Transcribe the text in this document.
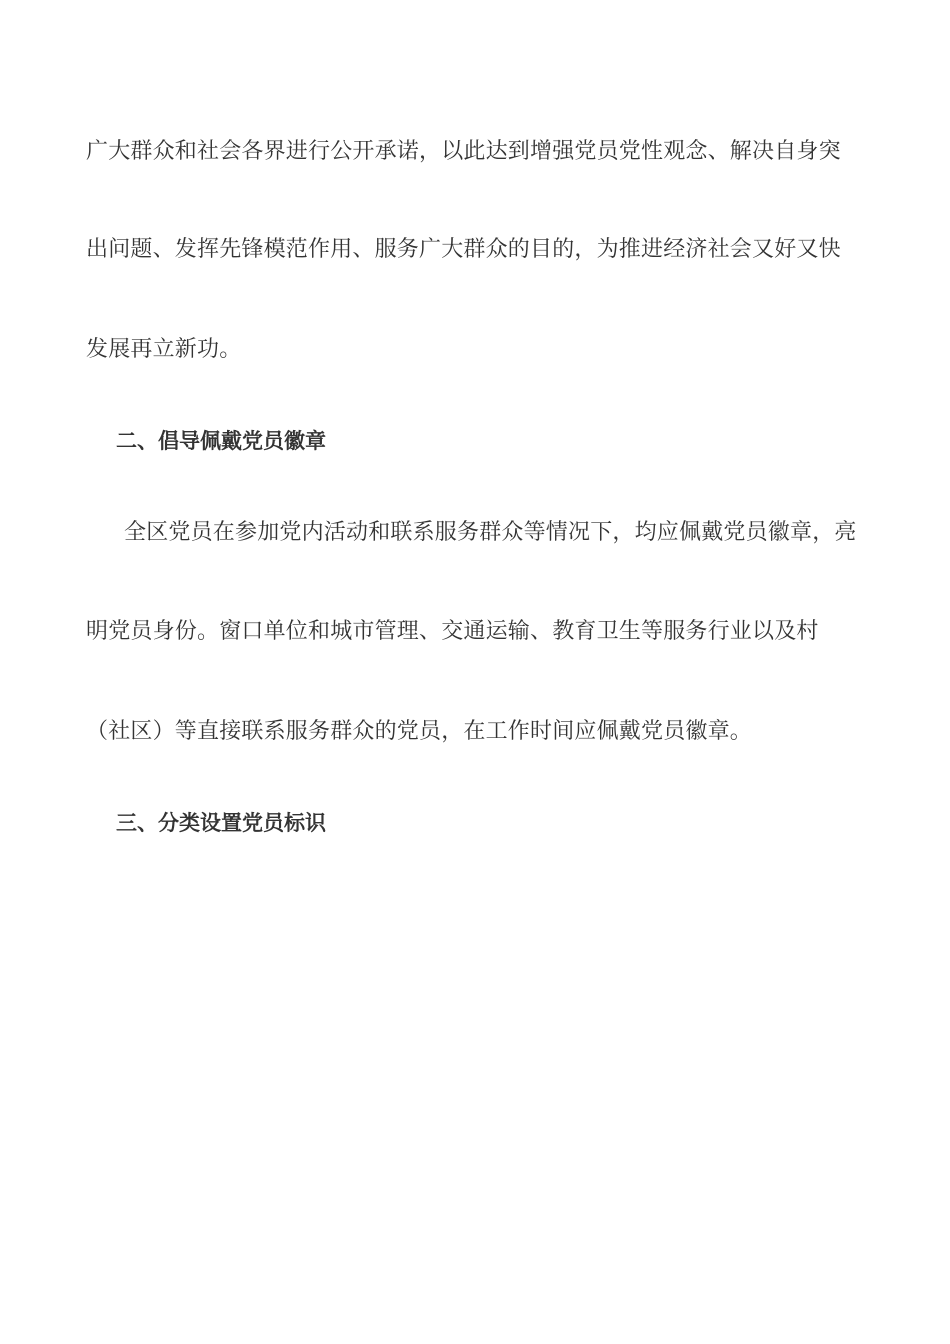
广大群众和社会各界进行公开承诺，以此达到增强党员党性观念、解决自身突
出问题、发挥先锋模范作用、服务广大群众的目的，为推进经济社会又好又快
发展再立新功。
二、倡导佩戴党员徽章
全区党员在参加党内活动和联系服务群众等情况下，均应佩戴党员徽章，亮
明党员身份。窗口单位和城市管理、交通运输、教育卫生等服务行业以及村
（社区）等直接联系服务群众的党员，在工作时间应佩戴党员徽章。
三、分类设置党员标识
